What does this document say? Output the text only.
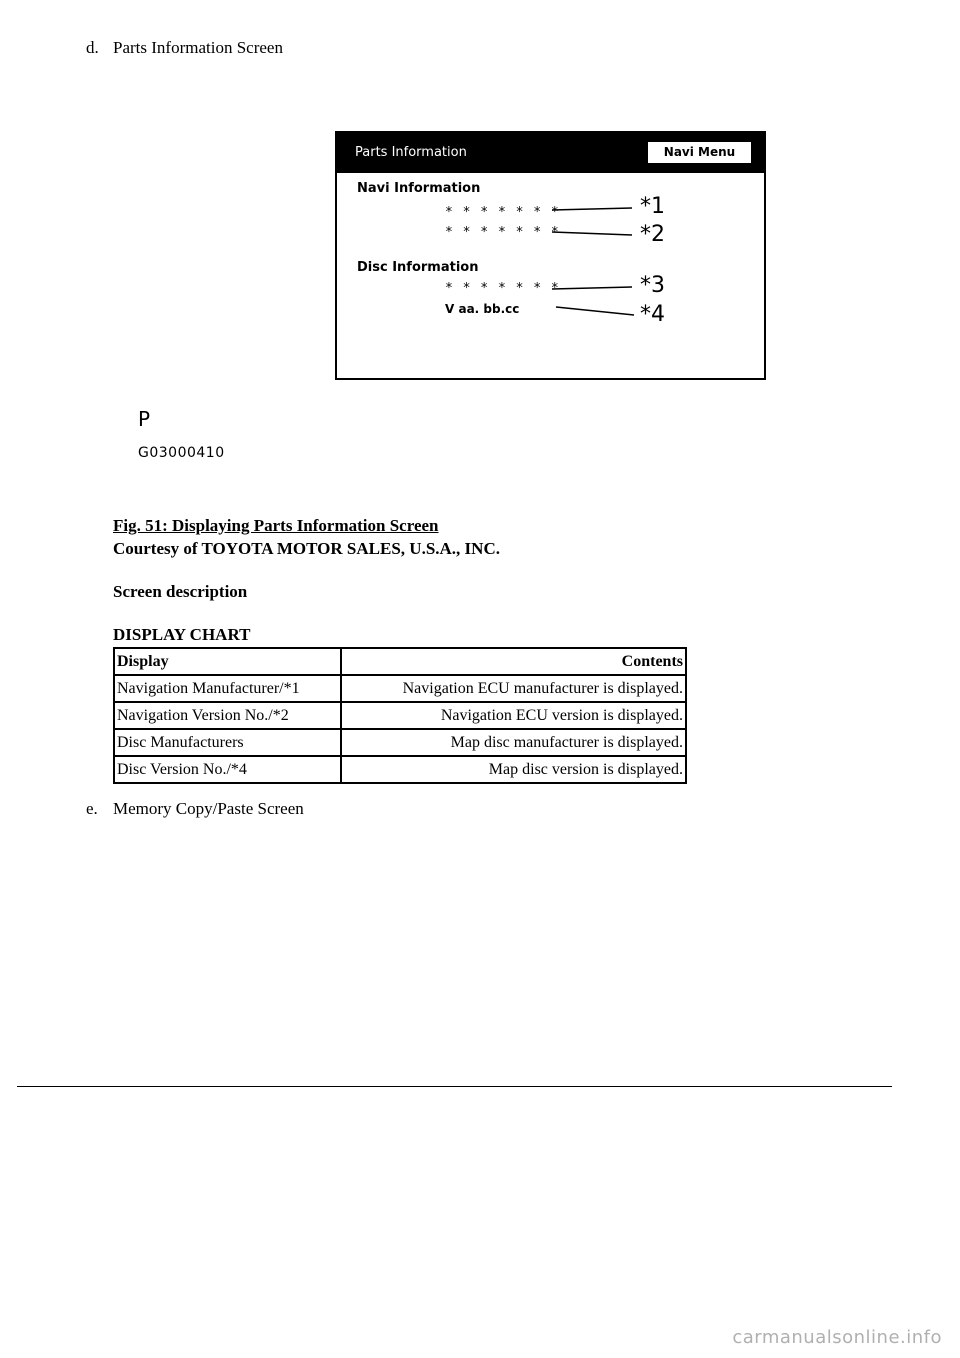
d. Parts Information Screen
Parts Information	Navi Menu
Navi Information
* * * * * * *
* * * * * * *
Disc Information
* * * * * * *
V aa. bb.cc
*1
*2
*3
*4
P
G03000410
Fig. 51: Displaying Parts Information Screen
Courtesy of TOYOTA MOTOR SALES, U.S.A., INC.
Screen description
DISPLAY CHART
Display	Contents
Navigation Manufacturer/*1	Navigation ECU manufacturer is displayed.
Navigation Version No./*2	Navigation ECU version is displayed.
Disc Manufacturers	Map disc manufacturer is displayed.
Disc Version No./*4	Map disc version is displayed.
e. Memory Copy/Paste Screen
carmanualsonline.info
